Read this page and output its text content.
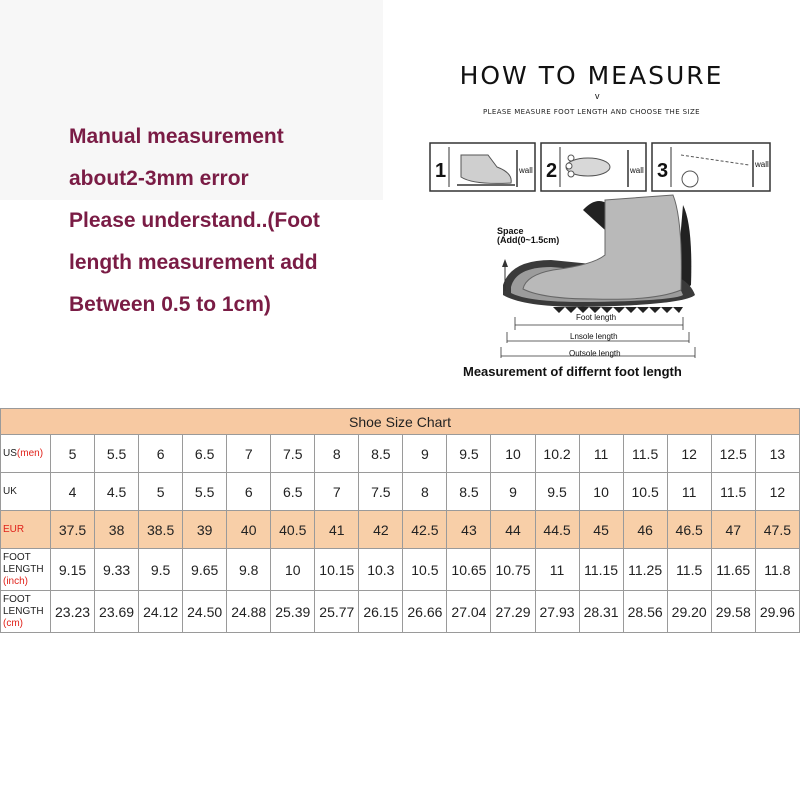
Manual measurement
about2-3mm error
Please understand..(Foot
length measurement add
Between 0.5 to 1cm)
HOW TO MEASURE
v
PLEASE MEASURE FOOT LENGTH AND CHOOSE THE SIZE
1	wall 2	wall 3	wall
Space
(Add(0~1.5cm)
Foot length
Lnsole length
Outsole length
Measurement of differnt foot length
Shoe Size Chart																	
US(men)	5	5.5	6	6.5	7	7.5	8	8.5	9	9.5	10	10.2	11	11.5	12	12.5	13
UK	4	4.5	5	5.5	6	6.5	7	7.5	8	8.5	9	9.5	10	10.5	11	11.5	12
EUR	37.5	38	38.5	39	40	40.5	41	42	42.5	43	44	44.5	45	46	46.5	47	47.5
FOOT LENGTH
(inch)	9.15	9.33	9.5	9.65	9.8	10	10.15	10.3	10.5	10.65	10.75	11	11.15	11.25	11.5	11.65	11.8
FOOT LENGTH
(cm)	23.23	23.69	24.12	24.50	24.88	25.39	25.77	26.15	26.66	27.04	27.29	27.93	28.31	28.56	29.20	29.58	29.96
